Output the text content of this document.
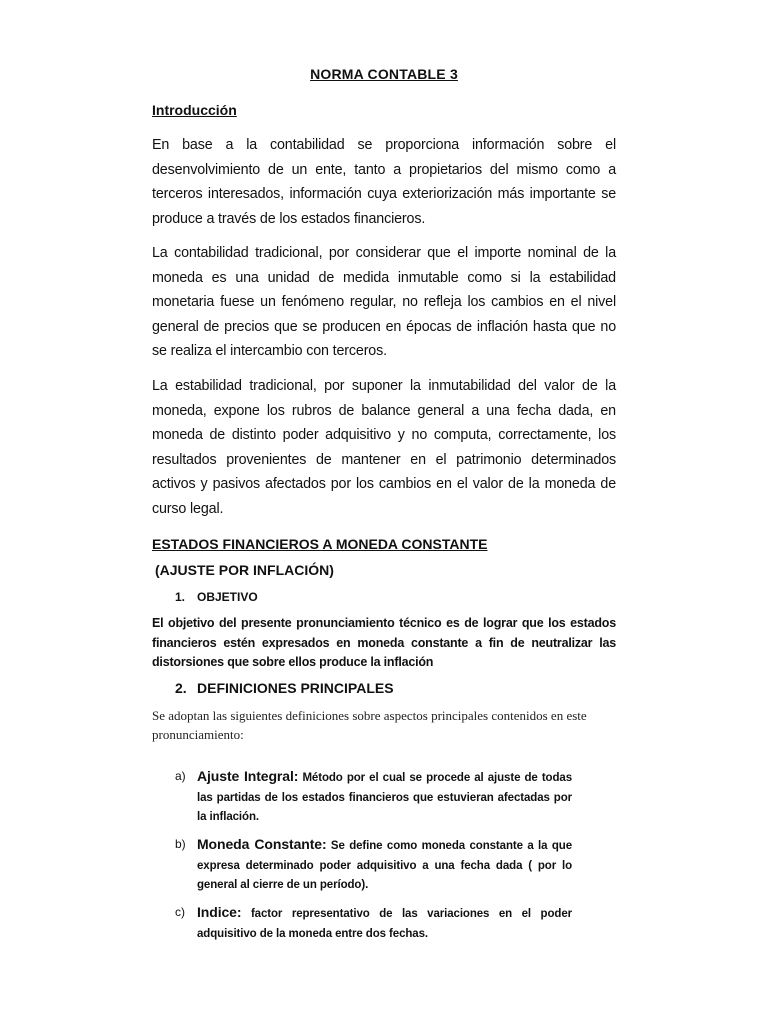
NORMA CONTABLE 3
Introducción
En base a la contabilidad se proporciona información sobre el desenvolvimiento de un ente, tanto a propietarios del mismo como a terceros interesados, información cuya exteriorización más importante se produce a través de los estados financieros.
La contabilidad tradicional, por considerar que el importe nominal de la moneda es una unidad de medida inmutable como si la estabilidad monetaria fuese un fenómeno regular, no refleja los cambios en el nivel general de precios que se producen en épocas de inflación hasta que no se realiza el intercambio con terceros.
La estabilidad tradicional, por suponer la inmutabilidad del valor de la moneda, expone los rubros de balance general a una fecha dada, en moneda de distinto poder adquisitivo y no computa, correctamente, los resultados provenientes de mantener en el patrimonio determinados activos y pasivos afectados por los cambios en el valor de la moneda de curso legal.
ESTADOS FINANCIEROS A MONEDA CONSTANTE
(AJUSTE POR INFLACIÓN)
1. OBJETIVO
El objetivo del presente pronunciamiento técnico es de lograr que los estados financieros estén expresados en moneda constante a fin de neutralizar las distorsiones que sobre ellos produce la inflación
2. DEFINICIONES PRINCIPALES
Se adoptan las siguientes definiciones sobre aspectos principales contenidos en este pronunciamiento:
a) Ajuste Integral: Método por el cual se procede al ajuste de todas las partidas de los estados financieros que estuvieran afectadas por la inflación.
b) Moneda Constante: Se define como moneda constante a la que expresa determinado poder adquisitivo a una fecha dada ( por lo general al cierre de un período).
c) Indice: factor representativo de las variaciones en el poder adquisitivo de la moneda entre dos fechas.
